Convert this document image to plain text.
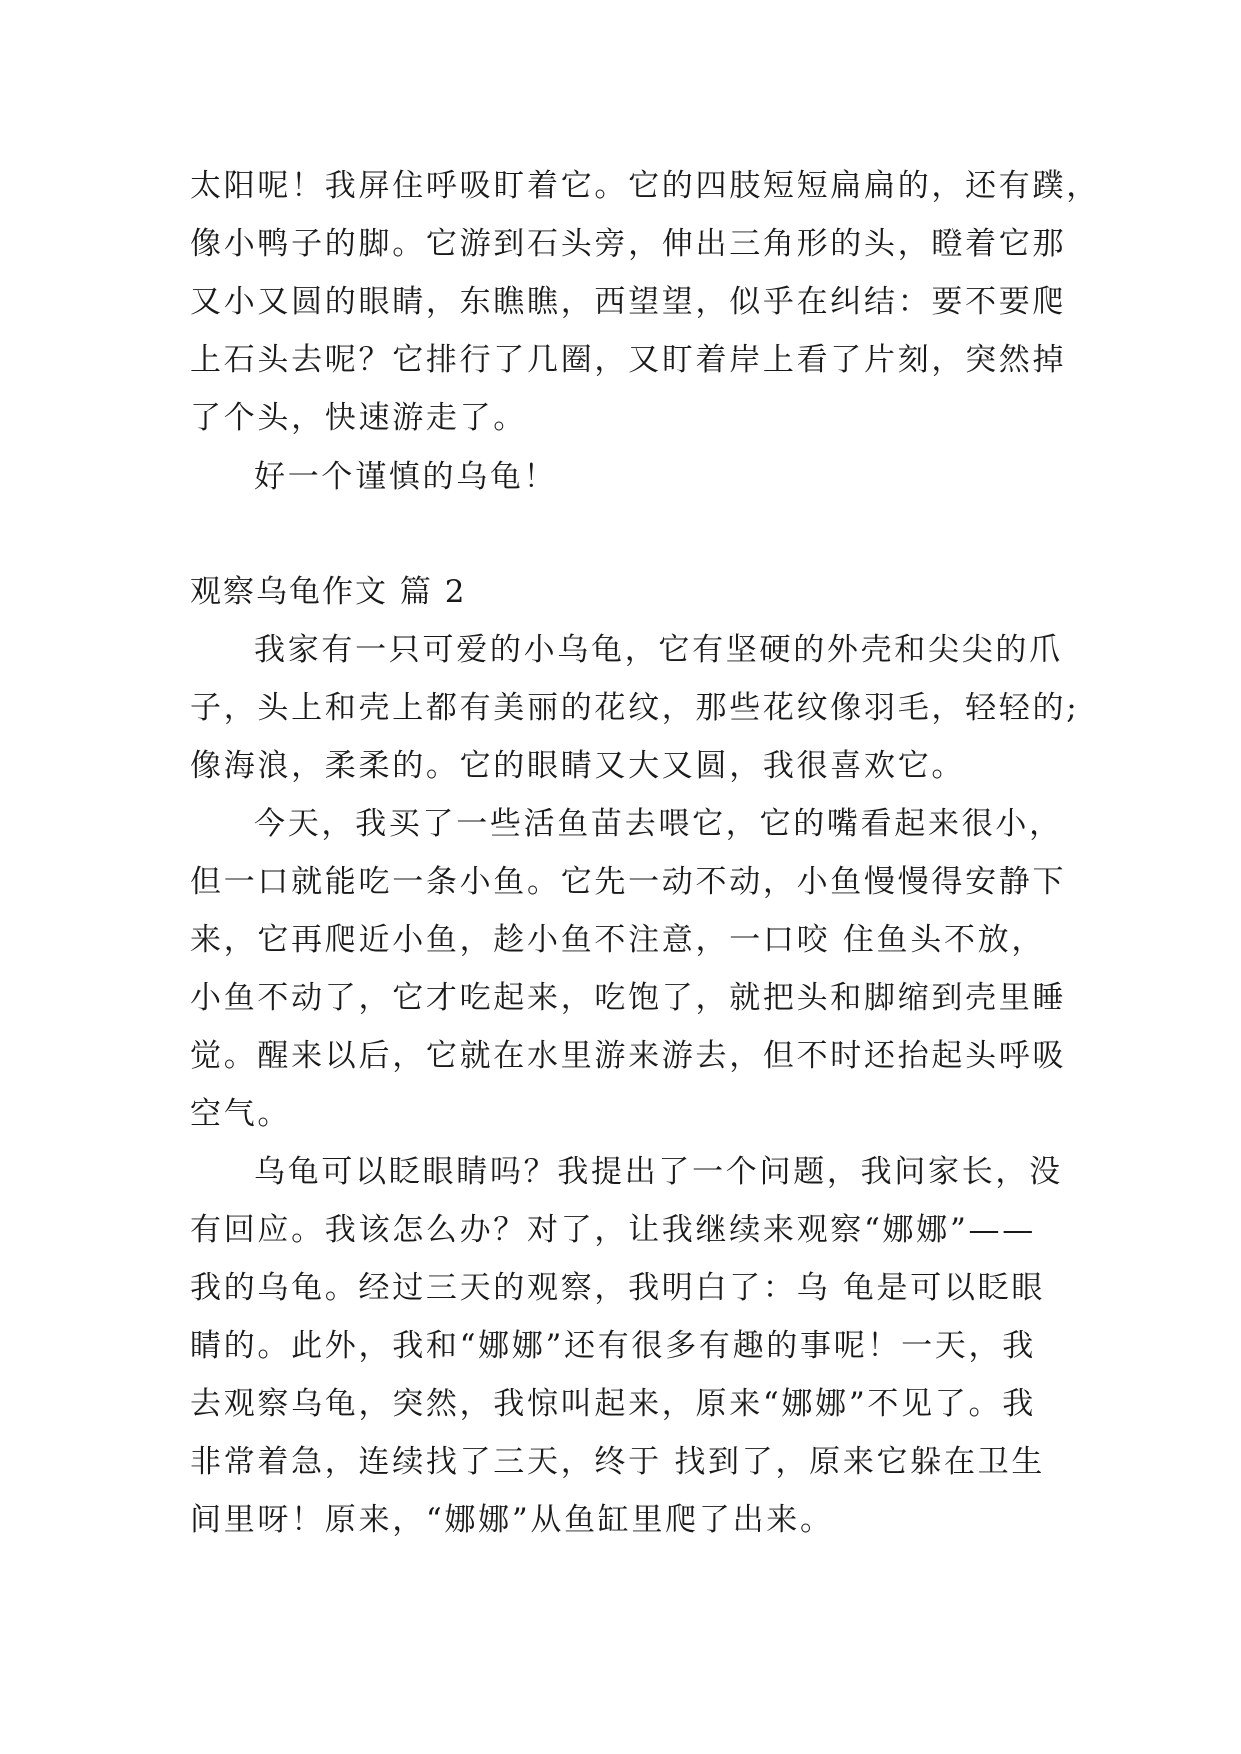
太阳呢！我屏住呼吸盯着它。它的四肢短短扁扁的，还有蹼，
像小鸭子的脚。它游到石头旁，伸出三角形的头，瞪着它那
又小又圆的眼睛，东瞧瞧，西望望，似乎在纠结：要不要爬
上石头去呢？它排行了几圈，又盯着岸上看了片刻，突然掉
了个头，快速游走了。
好一个谨慎的乌龟！
观察乌龟作文 篇 2
我家有一只可爱的小乌龟，它有坚硬的外壳和尖尖的爪
子，头上和壳上都有美丽的花纹，那些花纹像羽毛，轻轻的;
像海浪，柔柔的。它的眼睛又大又圆，我很喜欢它。
今天，我买了一些活鱼苗去喂它，它的嘴看起来很小，
但一口就能吃一条小鱼。它先一动不动，小鱼慢慢得安静下
来，它再爬近小鱼，趁小鱼不注意，一口咬 住鱼头不放，
小鱼不动了，它才吃起来，吃饱了，就把头和脚缩到壳里睡
觉。醒来以后，它就在水里游来游去，但不时还抬起头呼吸
空气。
乌龟可以眨眼睛吗？我提出了一个问题，我问家长，没
有回应。我该怎么办？对了，让我继续来观察“娜娜”——
我的乌龟。经过三天的观察，我明白了：乌 龟是可以眨眼
睛的。此外，我和“娜娜”还有很多有趣的事呢！一天，我
去观察乌龟，突然，我惊叫起来，原来“娜娜”不见了。我
非常着急，连续找了三天，终于 找到了，原来它躲在卫生
间里呀！原来，“娜娜”从鱼缸里爬了出来。
